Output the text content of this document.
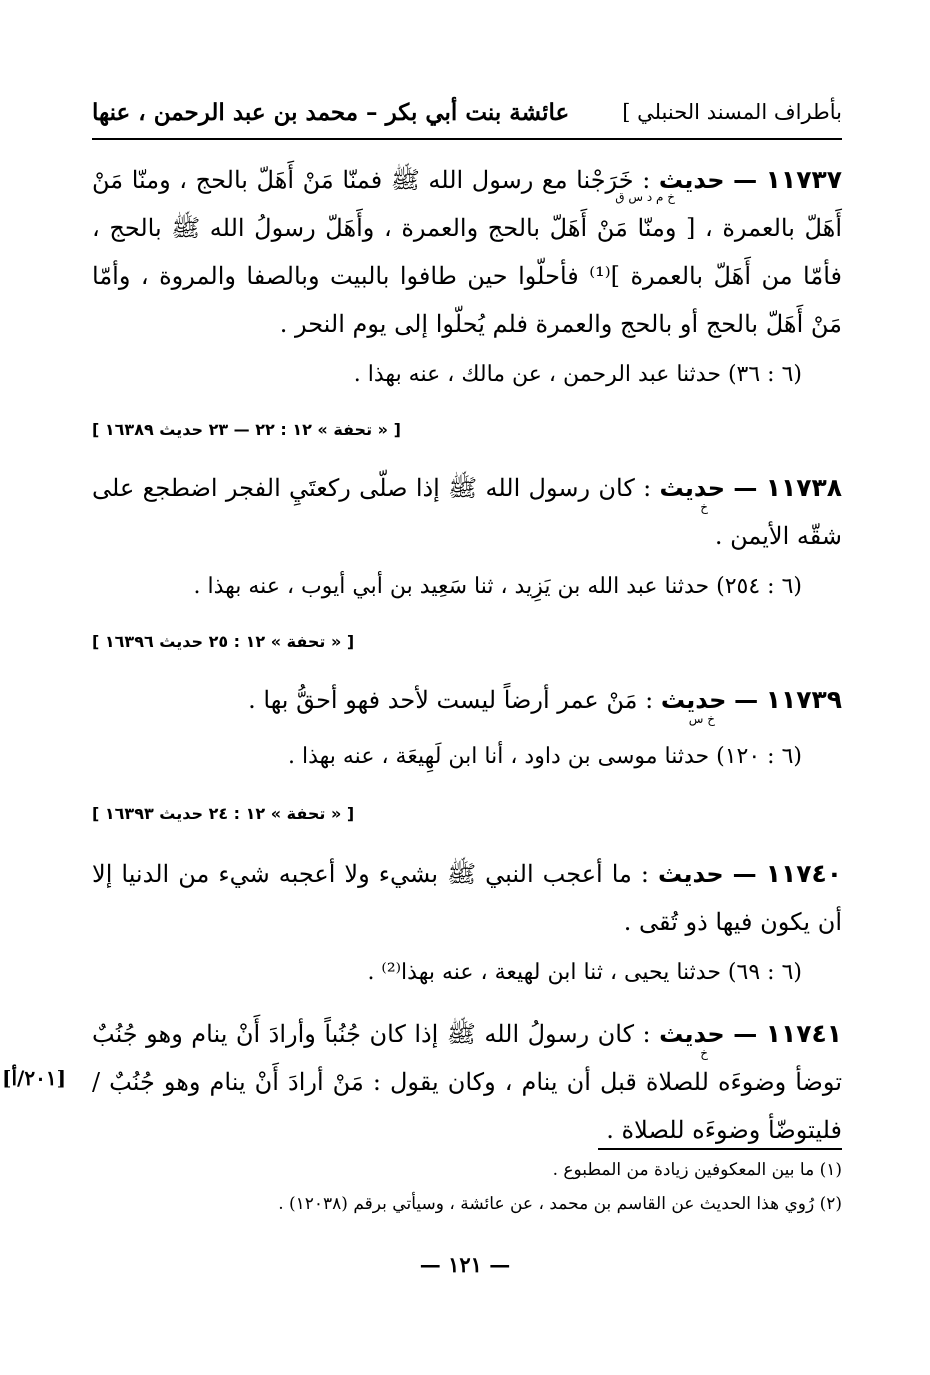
بأطراف المسند الحنبلي ]
عائشة بنت أبي بكر – محمد بن عبد الرحمن ، عنها
١١٧٣٧ — حديث : خَرَجْنا مع رسول الله ﷺ فمنّا مَنْ أَهَلّ بالحج ، ومنّا مَنْ أَهَلّ بالعمرة ، [ ومنّا مَنْ أَهَلّ بالحج والعمرة ، وأَهَلّ رسولُ الله ﷺ بالحج ، فأمّا من أَهَلّ بالعمرة ]⁽¹⁾ فأحلّوا حين طافوا بالبيت وبالصفا والمروة ، وأمّا مَنْ أَهَلّ بالحج أو بالحج والعمرة فلم يُحلّوا إلى يوم النحر .
خ م د س ق
(٦ : ٣٦) حدثنا عبد الرحمن ، عن مالك ، عنه بهذا .
[ « تحفة » ١٢ : ٢٢ — ٢٣ حديث ١٦٣٨٩ ]
١١٧٣٨ — حديث : كان رسول الله ﷺ إذا صلّى ركعتَيِ الفجر اضطجع على شقّه الأيمن .
خ
(٦ : ٢٥٤) حدثنا عبد الله بن يَزِيد ، ثنا سَعِيد بن أبي أيوب ، عنه بهذا .
[ « تحفة » ١٢ : ٢٥ حديث ١٦٣٩٦ ]
١١٧٣٩ — حديث : مَنْ عمر أرضاً ليست لأحد فهو أحقُّ بها .
خ س
(٦ : ١٢٠) حدثنا موسى بن داود ، أنا ابن لَهِيعَة ، عنه بهذا .
[ « تحفة » ١٢ : ٢٤ حديث ١٦٣٩٣ ]
١١٧٤٠ — حديث : ما أعجب النبي ﷺ بشيء ولا أعجبه شيء من الدنيا إلا أن يكون فيها ذو تُقى .
(٦ : ٦٩) حدثنا يحيى ، ثنا ابن لهيعة ، عنه بهذا⁽²⁾ .
١١٧٤١ — حديث : كان رسولُ الله ﷺ إذا كان جُنُباً وأرادَ أَنْ ينام وهو جُنُبٌ توضأ وضوءَه للصلاة قبل أن ينام ، وكان يقول : مَنْ أرادَ أَنْ ينام وهو جُنُبٌ / فليتوضّأ وضوءَه للصلاة .
خ
[٢٠١/أ]
(١) ما بين المعكوفين زيادة من المطبوع .
(٢) رُوي هذا الحديث عن القاسم بن محمد ، عن عائشة ، وسيأتي برقم (١٢٠٣٨) .
— ١٢١ —
